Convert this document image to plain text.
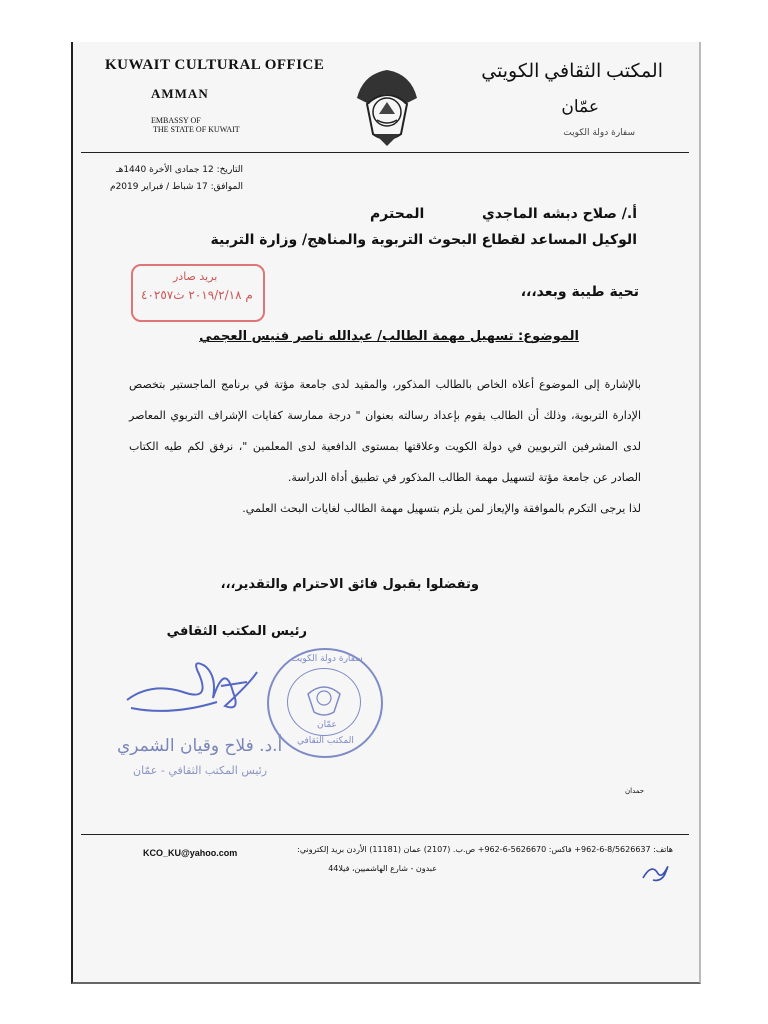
KUWAIT CULTURAL OFFICE
AMMAN
EMBASSY OF
THE STATE OF KUWAIT
المكتب الثقافي الكويتي
عمّان
سفارة دولة الكويت
التاريخ: 12 جمادى الأخرة 1440هـ
الموافق: 17 شباط / فبراير 2019م
أ./ صلاح دبشه الماجدي  المحترم
الوكيل المساعد لقطاع البحوث التربوية والمناهج/ وزارة التربية
بريد صادر
م ٢٠١٩/٢/١٨ ث٤٠٢٥٧	تحية طيبة وبعد،،،
الموضوع: تسهيل مهمة الطالب/ عبدالله ناصر فنيس العجمي

بالإشارة إلى الموضوع أعلاه الخاص بالطالب المذكور، والمقيد لدى جامعة مؤتة في برنامج الماجستير بتخصص الإدارة التربوية، وذلك أن الطالب يقوم بإعداد رسالته بعنوان " درجة ممارسة كفايات الإشراف التربوي المعاصر لدى المشرفين التربويين في دولة الكويت وعلاقتها بمستوى الدافعية لدى المعلمين "، نرفق لكم طيه الكتاب الصادر عن جامعة مؤتة لتسهيل مهمة الطالب المذكور في تطبيق أداة الدراسة.

لذا يرجى التكرم بالموافقة والإيعاز لمن يلزم بتسهيل مهمة الطالب لغايات البحث العلمي.

وتفضلوا بقبول فائق الاحترام والتقدير،،،
رئيس المكتب الثقافي
أ.د. فلاح وقيان الشمري
رئيس المكتب الثقافي - عمّان
سفارة دولة الكويت
عمّان
المكتب الثقافي
حمدان
هاتف: 8/5626637-6-962+ فاكس: 5626670-6-962+ ص.ب. (2107) عمان (11181) الأردن بريد إلكتروني:
KCO_KU@yahoo.com
عبدون - شارع الهاشميين، فيلا44
